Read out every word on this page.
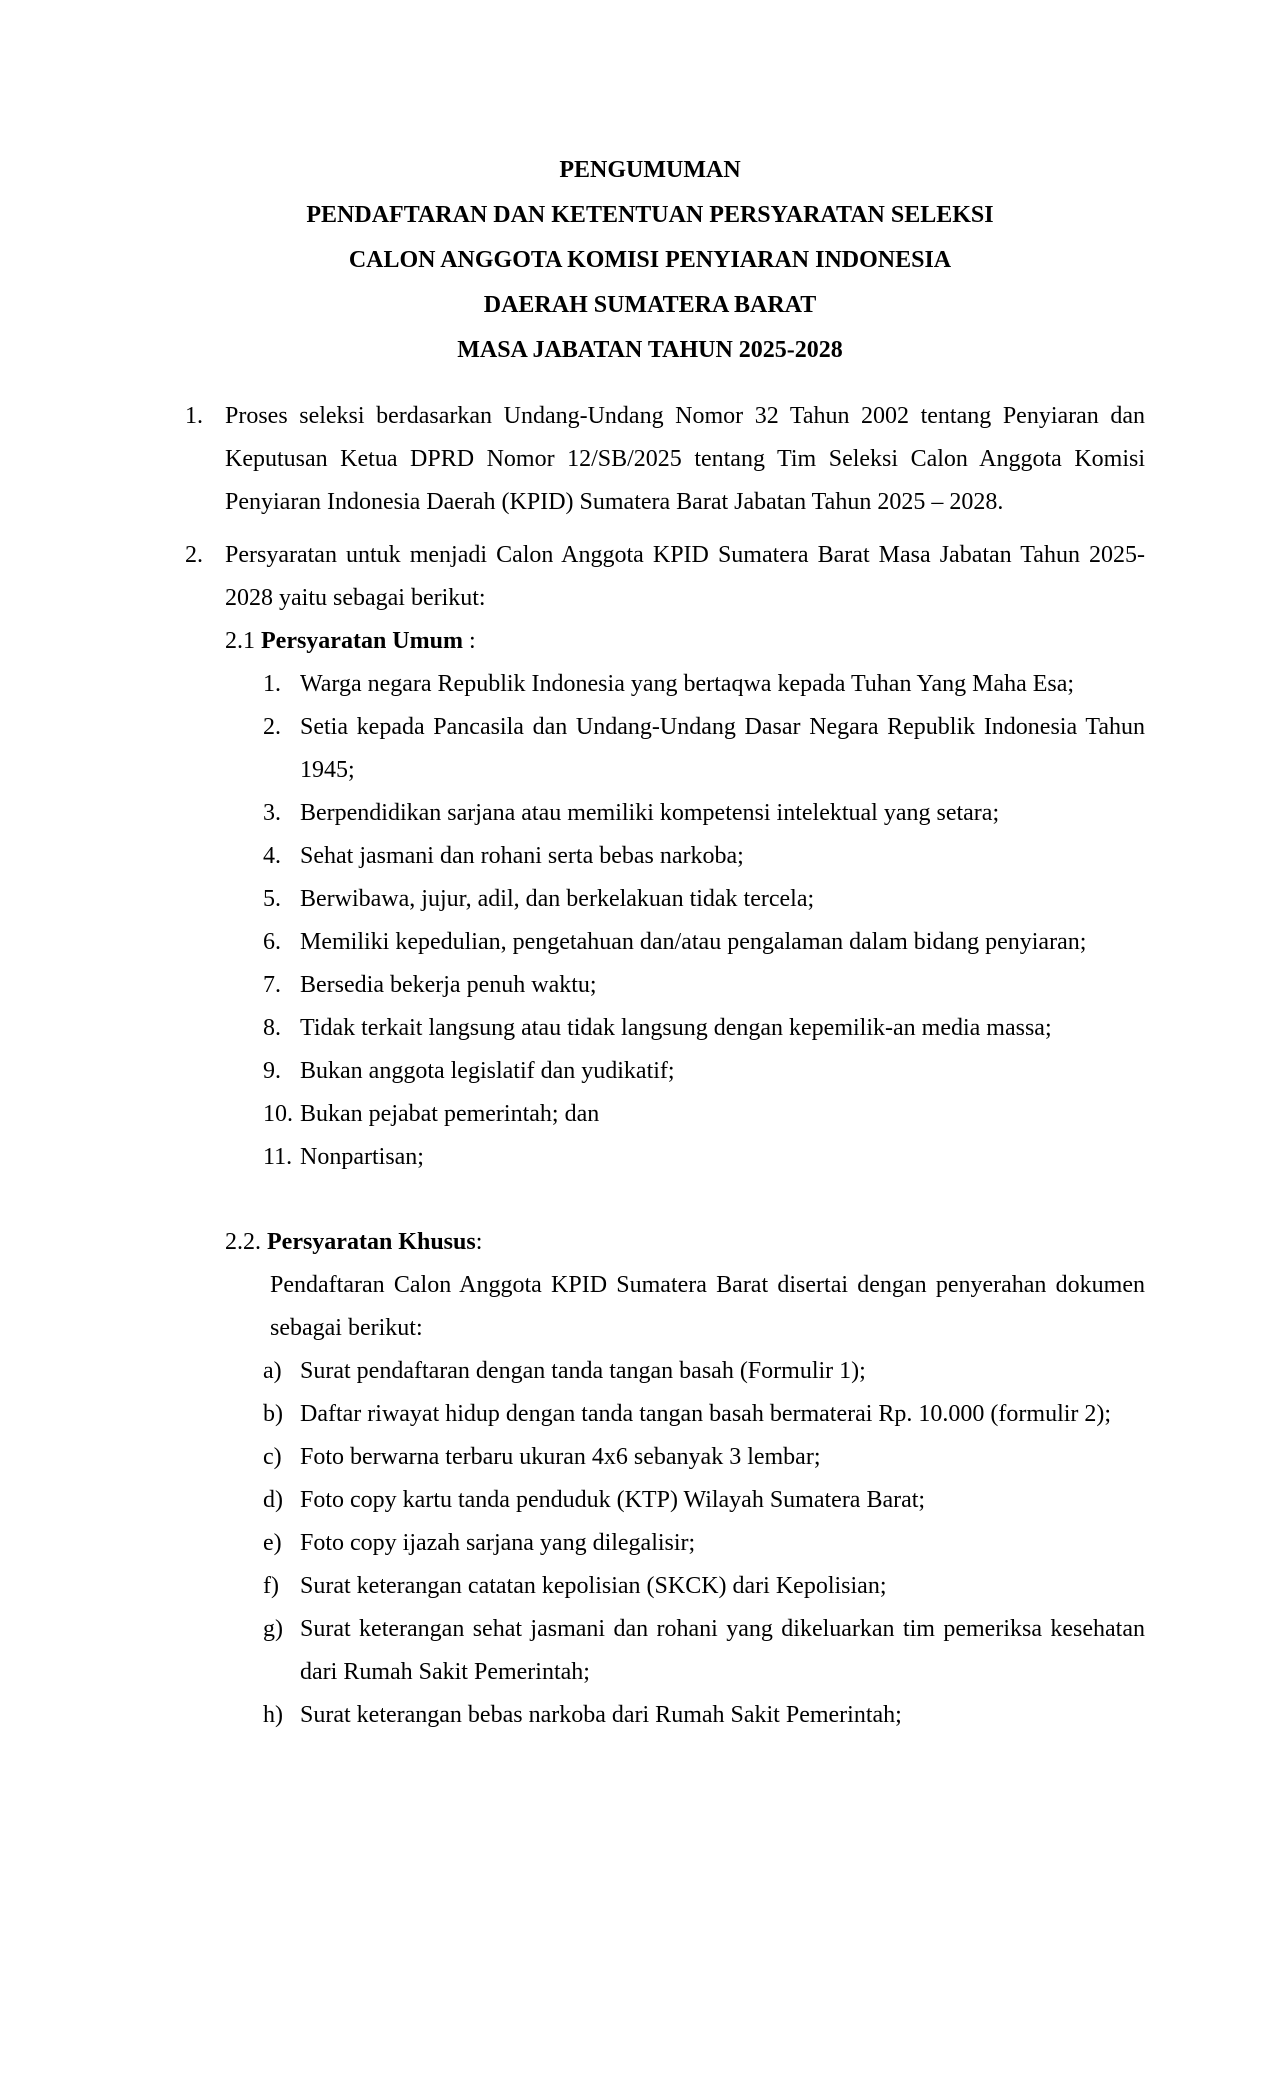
PENGUMUMAN
PENDAFTARAN DAN KETENTUAN PERSYARATAN SELEKSI
CALON ANGGOTA KOMISI PENYIARAN INDONESIA
DAERAH SUMATERA BARAT
MASA JABATAN TAHUN 2025-2028
1. Proses seleksi berdasarkan Undang-Undang Nomor 32 Tahun 2002 tentang Penyiaran dan Keputusan Ketua DPRD Nomor 12/SB/2025 tentang Tim Seleksi Calon Anggota Komisi Penyiaran Indonesia Daerah (KPID) Sumatera Barat Jabatan Tahun 2025 – 2028.
2. Persyaratan untuk menjadi Calon Anggota KPID Sumatera Barat Masa Jabatan Tahun 2025-2028 yaitu sebagai berikut:
2.1 Persyaratan Umum :
1. Warga negara Republik Indonesia yang bertaqwa kepada Tuhan Yang Maha Esa;
2. Setia kepada Pancasila dan Undang-Undang Dasar Negara Republik Indonesia Tahun 1945;
3. Berpendidikan sarjana atau memiliki kompetensi intelektual yang setara;
4. Sehat jasmani dan rohani serta bebas narkoba;
5. Berwibawa, jujur, adil, dan berkelakuan tidak tercela;
6. Memiliki kepedulian, pengetahuan dan/atau pengalaman dalam bidang penyiaran;
7. Bersedia bekerja penuh waktu;
8. Tidak terkait langsung atau tidak langsung dengan kepemilik-an media massa;
9. Bukan anggota legislatif dan yudikatif;
10. Bukan pejabat pemerintah; dan
11. Nonpartisan;
2.2. Persyaratan Khusus:
Pendaftaran Calon Anggota KPID Sumatera Barat disertai dengan penyerahan dokumen sebagai berikut:
a) Surat pendaftaran dengan tanda tangan basah (Formulir 1);
b) Daftar riwayat hidup dengan tanda tangan basah bermaterai Rp. 10.000 (formulir 2);
c) Foto berwarna terbaru ukuran 4x6 sebanyak 3 lembar;
d) Foto copy kartu tanda penduduk (KTP) Wilayah Sumatera Barat;
e) Foto copy ijazah sarjana yang dilegalisir;
f) Surat keterangan catatan kepolisian (SKCK) dari Kepolisian;
g) Surat keterangan sehat jasmani dan rohani yang dikeluarkan tim pemeriksa kesehatan dari Rumah Sakit Pemerintah;
h) Surat keterangan bebas narkoba dari Rumah Sakit Pemerintah;
